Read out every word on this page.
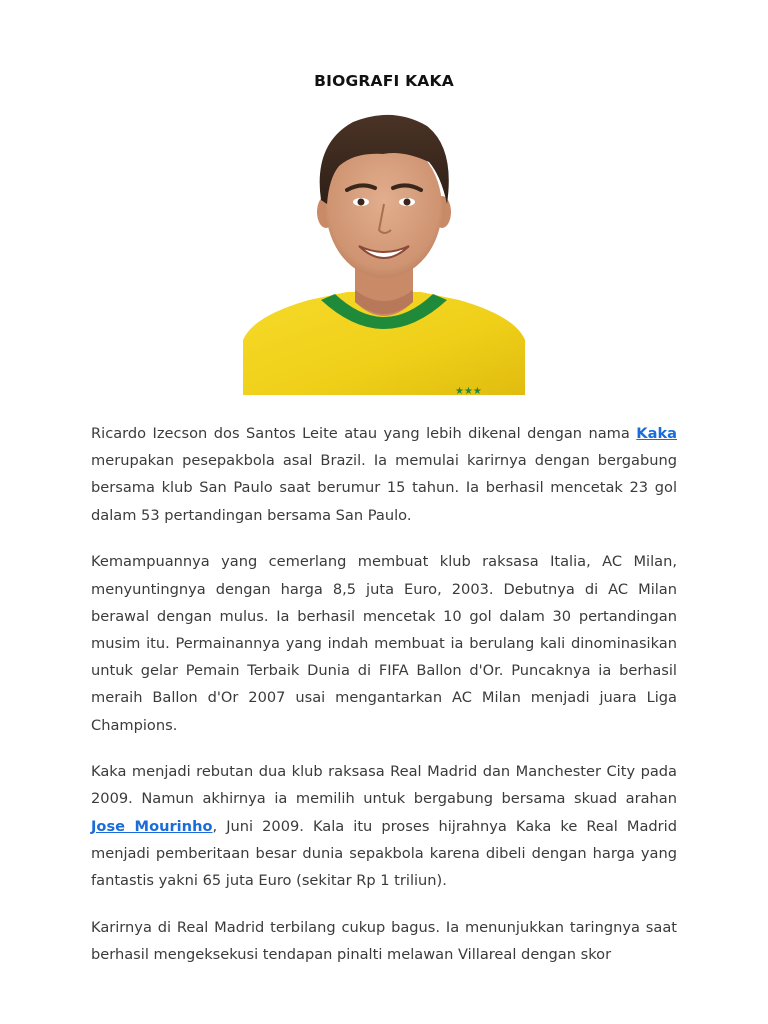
BIOGRAFI KAKA
★★★

Ricardo Izecson dos Santos Leite atau yang lebih dikenal dengan nama Kaka merupakan pesepakbola asal Brazil. Ia memulai karirnya dengan bergabung bersama klub San Paulo saat berumur 15 tahun. Ia berhasil mencetak 23 gol dalam 53 pertandingan bersama San Paulo.

Kemampuannya yang cemerlang membuat klub raksasa Italia, AC Milan, menyuntingnya dengan harga 8,5 juta Euro, 2003. Debutnya di AC Milan berawal dengan mulus. Ia berhasil mencetak 10 gol dalam 30 pertandingan musim itu. Permainannya yang indah membuat ia berulang kali dinominasikan untuk gelar Pemain Terbaik Dunia di FIFA Ballon d'Or. Puncaknya ia berhasil meraih Ballon d'Or 2007 usai mengantarkan AC Milan menjadi juara Liga Champions.

Kaka menjadi rebutan dua klub raksasa Real Madrid dan Manchester City pada 2009. Namun akhirnya ia memilih untuk bergabung bersama skuad arahan Jose Mourinho, Juni 2009. Kala itu proses hijrahnya Kaka ke Real Madrid menjadi pemberitaan besar dunia sepakbola karena dibeli dengan harga yang fantastis yakni 65 juta Euro (sekitar Rp 1 triliun).

Karirnya di Real Madrid terbilang cukup bagus. Ia menunjukkan taringnya saat berhasil mengeksekusi tendapan pinalti melawan Villareal dengan skor
